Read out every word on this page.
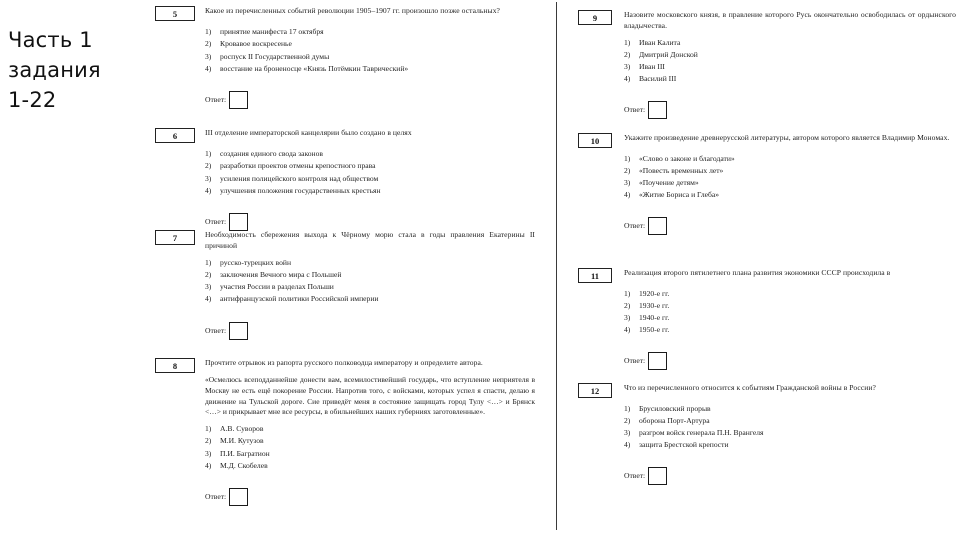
Часть 1
задания
1-22
5	Какое из перечисленных событий революции 1905–1907 гг. произошло позже остальных?
1) принятие манифеста 17 октября
2) Кровавое воскресенье
3) роспуск II Государственной думы
4) восстание на броненосце «Князь Потёмкин Таврический»
Ответ:
6	III отделение императорской канцелярии было создано в целях
1) создания единого свода законов
2) разработки проектов отмены крепостного права
3) усиления полицейского контроля над обществом
4) улучшения положения государственных крестьян
Ответ:
7	Необходимость сбережения выхода к Чёрному морю стала в годы правления Екатерины II причиной
1) русско-турецких войн
2) заключения Вечного мира с Польшей
3) участия России в разделах Польши
4) антифранцузской политики Российской империи
Ответ:
8	Прочтите отрывок из рапорта русского полководца императору и определите автора.
«Осмелюсь всеподданнейше донести вам, всемилостивейший государь, что вступление неприятеля в Москву не есть ещё покорение России. Напротив того, с войсками, которых успел я спасти, делаю я движение на Тульской дороге. Сие приведёт меня в состояние защищать город Тулу <…> и Брянск <…> и прикрывает мне все ресурсы, в обильнейших наших губерниях заготовленные».
1) А.В. Суворов
2) М.И. Кутузов
3) П.И. Багратион
4) М.Д. Скобелев
Ответ:
9	Назовите московского князя, в правление которого Русь окончательно освободилась от ордынского владычества.
1) Иван Калита
2) Дмитрий Донской
3) Иван III
4) Василий III
Ответ:
10	Укажите произведение древнерусской литературы, автором которого является Владимир Мономах.
1) «Слово о законе и благодати»
2) «Повесть временных лет»
3) «Поучение детям»
4) «Житие Бориса и Глеба»
Ответ:
11	Реализация второго пятилетнего плана развития экономики СССР происходила в
1) 1920-е гг.
2) 1930-е гг.
3) 1940-е гг.
4) 1950-е гг.
Ответ:
12	Что из перечисленного относится к событиям Гражданской войны в России?
1) Брусиловский прорыв
2) оборона Порт-Артура
3) разгром войск генерала П.Н. Врангеля
4) защита Брестской крепости
Ответ:
